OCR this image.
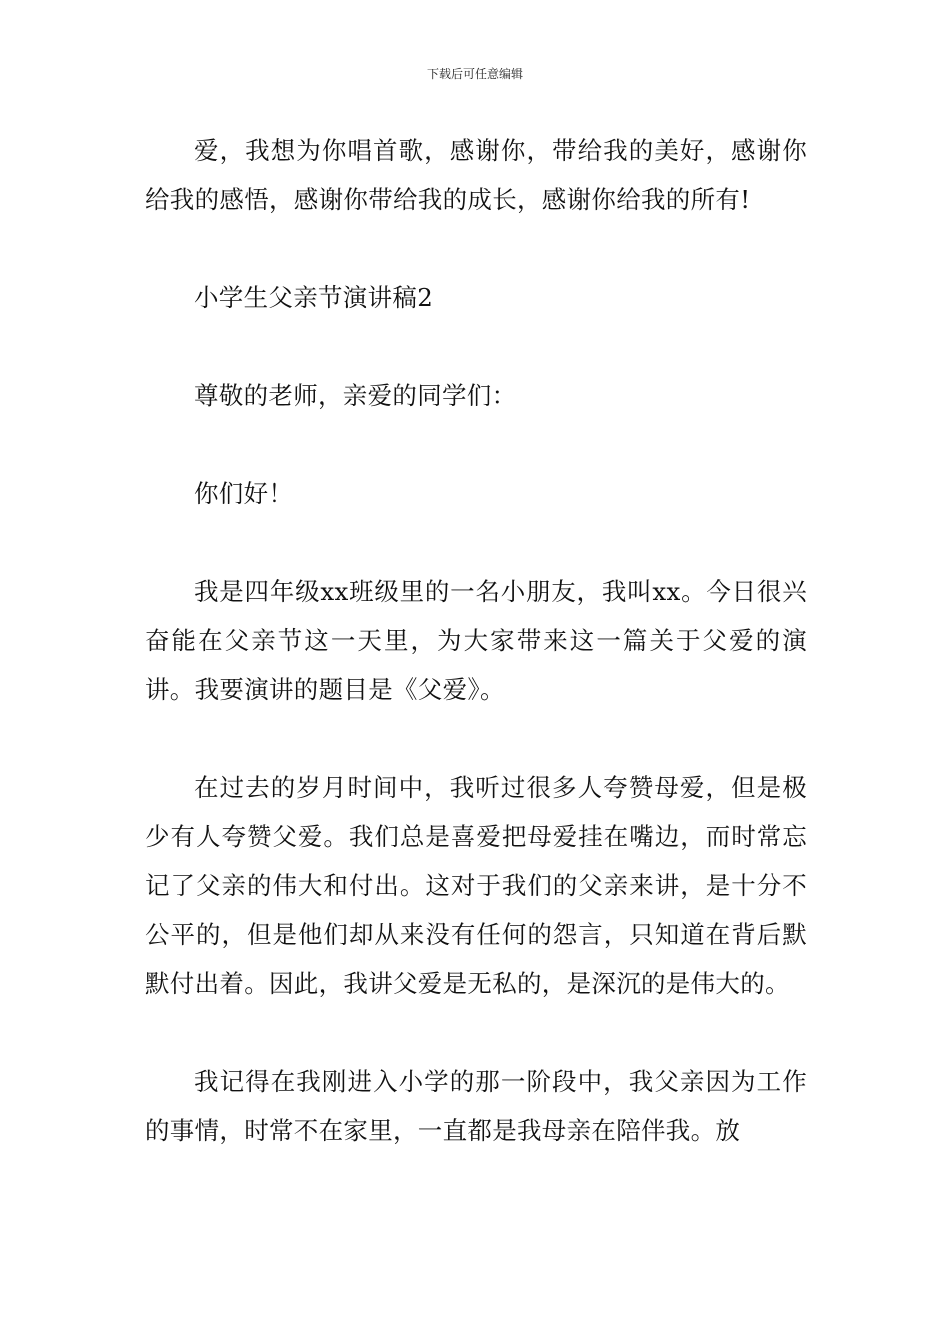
下载后可任意编辑

爱，我想为你唱首歌，感谢你，带给我的美好，感谢你给我的感悟，感谢你带给我的成长，感谢你给我的所有!

小学生父亲节演讲稿2

尊敬的老师，亲爱的同学们：

你们好！

我是四年级xx班级里的一名小朋友，我叫xx。今日很兴奋能在父亲节这一天里，为大家带来这一篇关于父爱的演讲。我要演讲的题目是《父爱》。

在过去的岁月时间中，我听过很多人夸赞母爱，但是极少有人夸赞父爱。我们总是喜爱把母爱挂在嘴边，而时常忘记了父亲的伟大和付出。这对于我们的父亲来讲，是十分不公平的，但是他们却从来没有任何的怨言，只知道在背后默默付出着。因此，我讲父爱是无私的，是深沉的是伟大的。

我记得在我刚进入小学的那一阶段中，我父亲因为工作的事情，时常不在家里，一直都是我母亲在陪伴我。放
